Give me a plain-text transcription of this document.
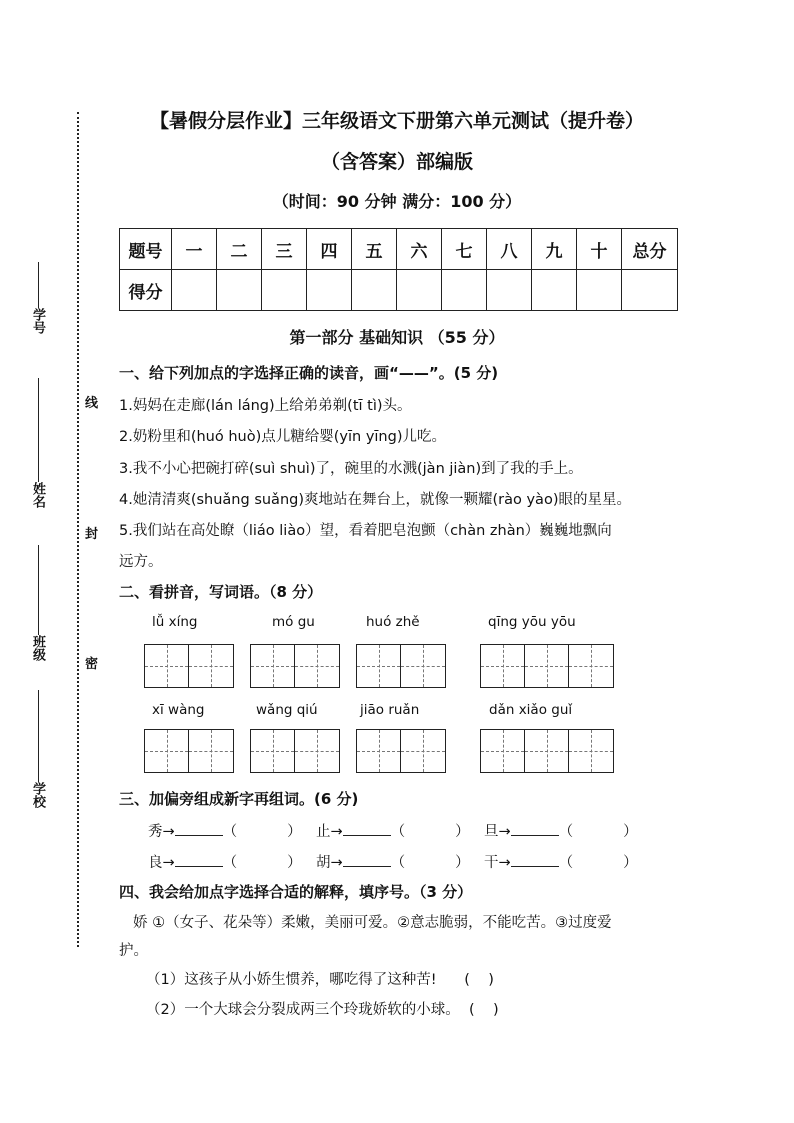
【暑假分层作业】三年级语文下册第六单元测试（提升卷）
（含答案）部编版
（时间：90 分钟 满分：100 分）
学号
姓名
班级
学校
线
封
密
题号	一	二	三	四	五	六	七	八	九	十	总分
得分											
第一部分 基础知识 （55 分）
一、给下列加点的字选择正确的读音，画“——”。(5 分)
1.妈妈在走廊(lán láng)上给弟弟剃(tī tì)头。
2.奶粉里和(huó huò)点儿糖给婴(yīn yīng)儿吃。
3.我不小心把碗打碎(suì shuì)了，碗里的水溅(jàn jiàn)到了我的手上。
4.她清清爽(shuǎng suǎng)爽地站在舞台上，就像一颗耀(rào yào)眼的星星。
5.我们站在高处瞭（liáo liào）望，看着肥皂泡颤（chàn zhàn）巍巍地飘向
远方。
二、看拼音，写词语。（8 分）
lǚ xíng	mó gu	huó zhě	qīng yōu yōu
xī wàng	wǎng qiú	jiāo ruǎn	dǎn xiǎo guǐ
三、加偏旁组成新字再组词。(6 分)
秀→	（	） 止→	（	） 旦→	（	）
良→	（	） 胡→	（	） 干→	（	）
四、我会给加点字选择合适的解释，填序号。（3 分）
娇 ①（女子、花朵等）柔嫩，美丽可爱。②意志脆弱，不能吃苦。③过度爱
护。
（1）这孩子从小娇生惯养，哪吃得了这种苦!      (    )
（2）一个大球会分裂成两三个玲珑娇软的小球。  (    )
